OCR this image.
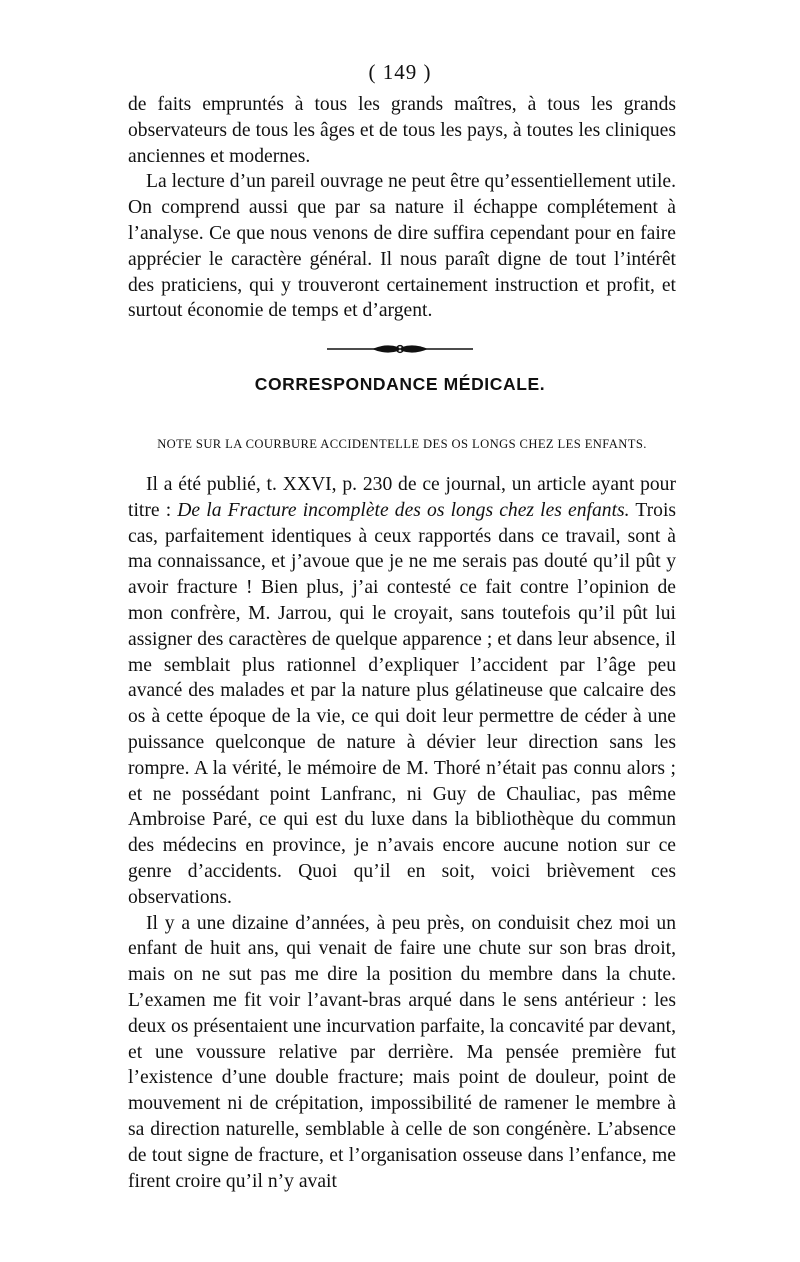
( 149 )

de faits empruntés à tous les grands maîtres, à tous les grands observateurs de tous les âges et de tous les pays, à toutes les cliniques anciennes et modernes.

La lecture d’un pareil ouvrage ne peut être qu’essentiellement utile. On comprend aussi que par sa nature il échappe complétement à l’analyse. Ce que nous venons de dire suffira cependant pour en faire apprécier le caractère général. Il nous paraît digne de tout l’intérêt des praticiens, qui y trouveront certainement instruction et profit, et surtout économie de temps et d’argent.

CORRESPONDANCE MÉDICALE.
NOTE SUR LA COURBURE ACCIDENTELLE DES OS LONGS CHEZ LES ENFANTS.

Il a été publié, t. XXVI, p. 230 de ce journal, un article ayant pour titre : De la Fracture incomplète des os longs chez les enfants. Trois cas, parfaitement identiques à ceux rapportés dans ce travail, sont à ma connaissance, et j’avoue que je ne me serais pas douté qu’il pût y avoir fracture ! Bien plus, j’ai contesté ce fait contre l’opinion de mon confrère, M. Jarrou, qui le croyait, sans toutefois qu’il pût lui assigner des caractères de quelque apparence ; et dans leur absence, il me semblait plus rationnel d’expliquer l’accident par l’âge peu avancé des malades et par la nature plus gélatineuse que calcaire des os à cette époque de la vie, ce qui doit leur permettre de céder à une puissance quelconque de nature à dévier leur direction sans les rompre. A la vérité, le mémoire de M. Thoré n’était pas connu alors ; et ne possédant point Lanfranc, ni Guy de Chauliac, pas même Ambroise Paré, ce qui est du luxe dans la bibliothèque du commun des médecins en province, je n’avais encore aucune notion sur ce genre d’accidents. Quoi qu’il en soit, voici brièvement ces observations.

Il y a une dizaine d’années, à peu près, on conduisit chez moi un enfant de huit ans, qui venait de faire une chute sur son bras droit, mais on ne sut pas me dire la position du membre dans la chute. L’examen me fit voir l’avant-bras arqué dans le sens antérieur : les deux os présentaient une incurvation parfaite, la concavité par devant, et une voussure relative par derrière. Ma pensée première fut l’existence d’une double fracture; mais point de douleur, point de mouvement ni de crépitation, impossibilité de ramener le membre à sa direction naturelle, semblable à celle de son congénère. L’absence de tout signe de fracture, et l’organisation osseuse dans l’enfance, me firent croire qu’il n’y avait
